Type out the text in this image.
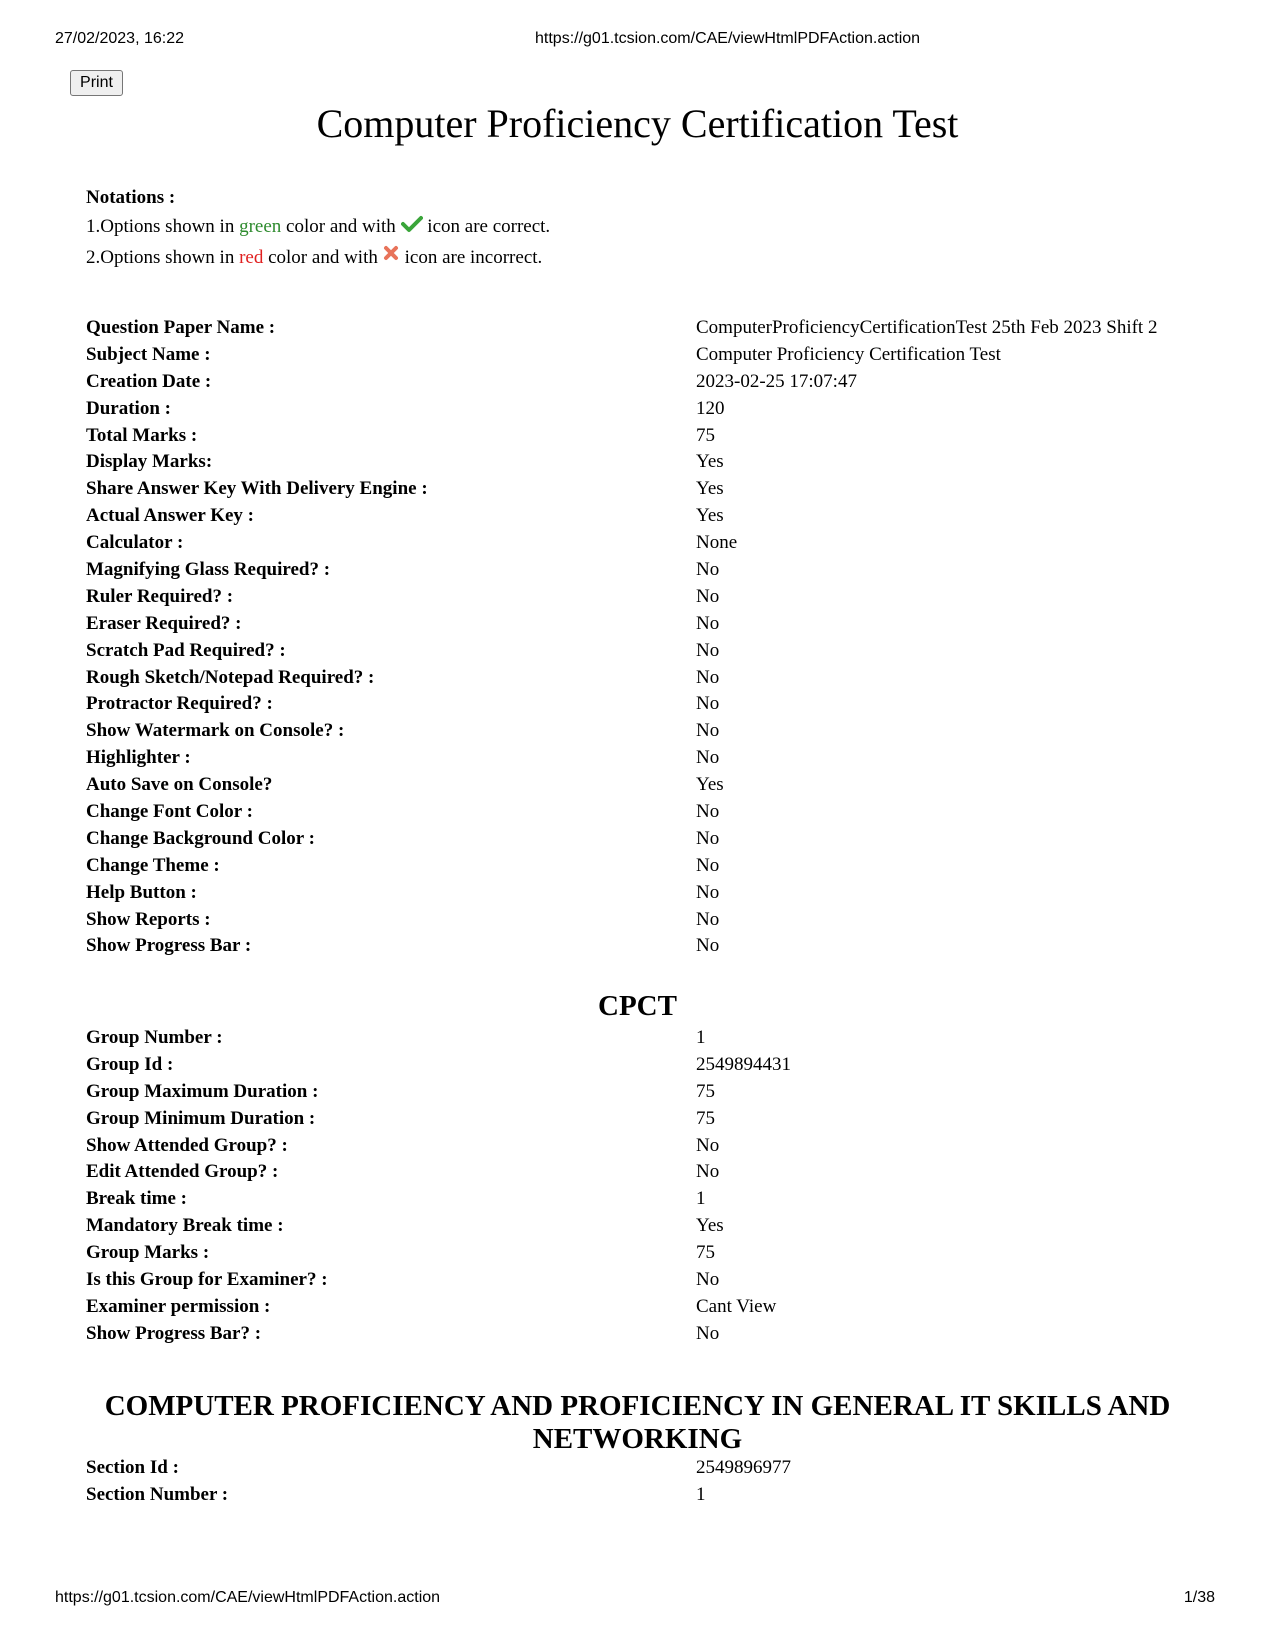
27/02/2023, 16:22	https://g01.tcsion.com/CAE/viewHtmlPDFAction.action
Print
Computer Proficiency Certification Test
Notations :
1.Options shown in green color and with  icon are correct.
2.Options shown in red color and with icon are incorrect.
Question Paper Name :	ComputerProficiencyCertificationTest 25th Feb 2023 Shift 2
Subject Name :	Computer Proficiency Certification Test
Creation Date :	2023-02-25 17:07:47
Duration :	120
Total Marks :	75
Display Marks:	Yes
Share Answer Key With Delivery Engine :	Yes
Actual Answer Key :	Yes
Calculator :	None
Magnifying Glass Required? :	No
Ruler Required? :	No
Eraser Required? :	No
Scratch Pad Required? :	No
Rough Sketch/Notepad Required? :	No
Protractor Required? :	No
Show Watermark on Console? :	No
Highlighter :	No
Auto Save on Console?	Yes
Change Font Color :	No
Change Background Color :	No
Change Theme :	No
Help Button :	No
Show Reports :	No
Show Progress Bar :	No
CPCT
Group Number :	1
Group Id :	2549894431
Group Maximum Duration :	75
Group Minimum Duration :	75
Show Attended Group? :	No
Edit Attended Group? :	No
Break time :	1
Mandatory Break time :	Yes
Group Marks :	75
Is this Group for Examiner? :	No
Examiner permission :	Cant View
Show Progress Bar? :	No
COMPUTER PROFICIENCY AND PROFICIENCY IN GENERAL IT SKILLS AND
NETWORKING
Section Id :	2549896977
Section Number :	1
https://g01.tcsion.com/CAE/viewHtmlPDFAction.action	1/38
